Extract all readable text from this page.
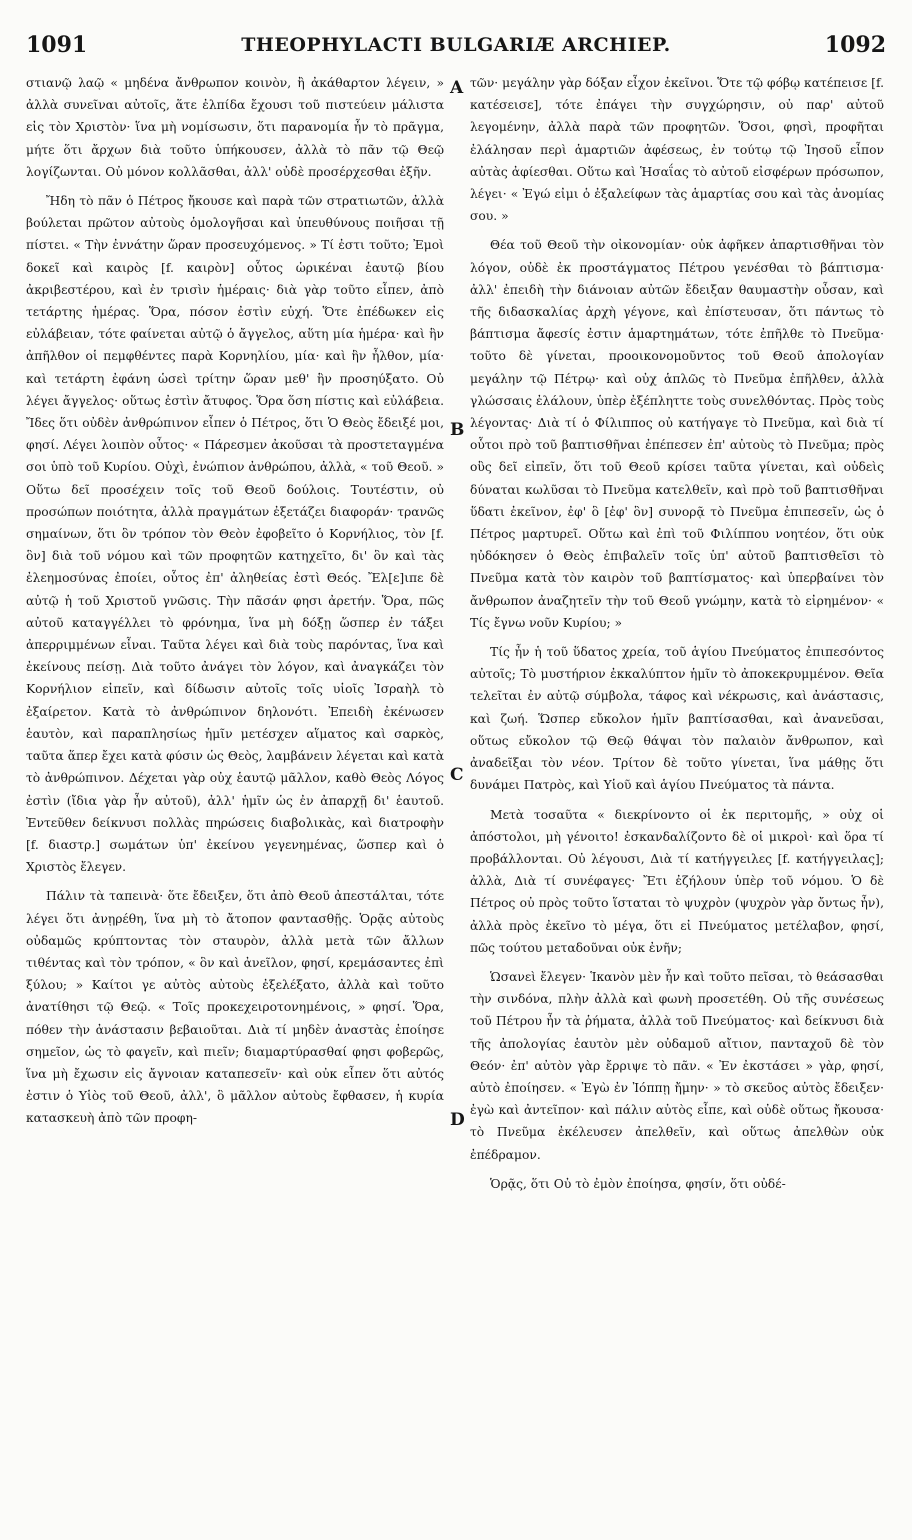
1091	THEOPHYLACTI BULGARIÆ ARCHIEP.	1092

στιανῷ λαῷ « μηδένα ἄνθρωπον κοινὸν, ἢ ἀκάθαρτον λέγειν, » ἀλλὰ συνεῖναι αὐτοῖς, ἅτε ἐλπίδα ἔχουσι τοῦ πιστεύειν μάλιστα εἰς τὸν Χριστὸν· ἵνα μὴ νομίσωσιν, ὅτι παρανομία ἦν τὸ πρᾶγμα, μήτε ὅτι ἄρχων διὰ τοῦτο ὑπήκουσεν, ἀλλὰ τὸ πᾶν τῷ Θεῷ λογίζωνται. Οὐ μόνον κολλᾶσθαι, ἀλλ' οὐδὲ προσέρχεσθαι ἐξῆν.

Ἤδη τὸ πᾶν ὁ Πέτρος ἤκουσε καὶ παρὰ τῶν στρατιωτῶν, ἀλλὰ βούλεται πρῶτον αὐτοὺς ὁμολογῆσαι καὶ ὑπευθύνους ποιῆσαι τῇ πίστει. « Τὴν ἐννάτην ὥραν προσευχόμενος. » Τί ἐστι τοῦτο; Ἐμοὶ δοκεῖ καὶ καιρὸς [f. καιρὸν] οὗτος ὡρικέναι ἑαυτῷ βίου ἀκριβεστέρου, καὶ ἐν τρισὶν ἡμέραις· διὰ γὰρ τοῦτο εἶπεν, ἀπὸ τετάρτης ἡμέρας. Ὅρα, πόσον ἐστὶν εὐχή. Ὅτε ἐπέδωκεν εἰς εὐλάβειαν, τότε φαίνεται αὐτῷ ὁ ἄγγελος, αὕτη μία ἡμέρα· καὶ ἣν ἀπῆλθον οἱ πεμφθέντες παρὰ Κορνηλίου, μία· καὶ ἣν ἦλθον, μία· καὶ τετάρτη ἐφάνη ὡσεὶ τρίτην ὥραν μεθ' ἣν προσηύξατο. Οὐ λέγει ἄγγελος· οὕτως ἐστὶν ἄτυφος. Ὅρα ὅση πίστις καὶ εὐλάβεια. Ἴδες ὅτι οὐδὲν ἀνθρώπινον εἶπεν ὁ Πέτρος, ὅτι Ὁ Θεὸς ἔδειξέ μοι, φησί. Λέγει λοιπὸν οὗτος· « Πάρεσμεν ἀκοῦσαι τὰ προστεταγμένα σοι ὑπὸ τοῦ Κυρίου. Οὐχὶ, ἐνώπιον ἀνθρώπου, ἀλλὰ, « τοῦ Θεοῦ. » Οὕτω δεῖ προσέχειν τοῖς τοῦ Θεοῦ δούλοις. Τουτέστιν, οὐ προσώπων ποιότητα, ἀλλὰ πραγμάτων ἐξετάζει διαφοράν· τρανῶς σημαίνων, ὅτι ὃν τρόπον τὸν Θεὸν ἐφοβεῖτο ὁ Κορνήλιος, τὸν [f. ὃν] διὰ τοῦ νόμου καὶ τῶν προφητῶν κατηχεῖτο, δι' ὃν καὶ τὰς ἐλεημοσύνας ἐποίει, οὗτος ἐπ' ἀληθείας ἐστὶ Θεός. Ἔλ[ε]ιπε δὲ αὐτῷ ἡ τοῦ Χριστοῦ γνῶσις. Τὴν πᾶσάν φησι ἀρετήν. Ὅρα, πῶς αὐτοῦ καταγγέλλει τὸ φρόνημα, ἵνα μὴ δόξῃ ὥσπερ ἐν τάξει ἀπερριμμένων εἶναι. Ταῦτα λέγει καὶ διὰ τοὺς παρόντας, ἵνα καὶ ἐκείνους πείσῃ. Διὰ τοῦτο ἀνάγει τὸν λόγον, καὶ ἀναγκάζει τὸν Κορνήλιον εἰπεῖν, καὶ δίδωσιν αὐτοῖς τοῖς υἱοῖς Ἰσραὴλ τὸ ἐξαίρετον. Κατὰ τὸ ἀνθρώπινον δηλονότι. Ἐπειδὴ ἐκένωσεν ἑαυτὸν, καὶ παραπλησίως ἡμῖν μετέσχεν αἵματος καὶ σαρκὸς, ταῦτα ἅπερ ἔχει κατὰ φύσιν ὡς Θεὸς, λαμβάνειν λέγεται καὶ κατὰ τὸ ἀνθρώπινον. Δέχεται γὰρ οὐχ ἑαυτῷ μᾶλλον, καθὸ Θεὸς Λόγος ἐστὶν (ἴδια γὰρ ἦν αὐτοῦ), ἀλλ' ἡμῖν ὡς ἐν ἀπαρχῇ δι' ἑαυτοῦ. Ἐντεῦθεν δείκνυσι πολλὰς πηρώσεις διαβολικὰς, καὶ διατροφὴν [f. διαστρ.] σωμάτων ὑπ' ἐκείνου γεγενημένας, ὥσπερ καὶ ὁ Χριστὸς ἔλεγεν.

Πάλιν τὰ ταπεινὰ· ὅτε ἔδειξεν, ὅτι ἀπὸ Θεοῦ ἀπεστάλται, τότε λέγει ὅτι ἀνῃρέθη, ἵνα μὴ τὸ ἄτοπον φαντασθῇς. Ὁρᾷς αὐτοὺς οὐδαμῶς κρύπτοντας τὸν σταυρὸν, ἀλλὰ μετὰ τῶν ἄλλων τιθέντας καὶ τὸν τρόπον, « ὃν καὶ ἀνεῖλον, φησί, κρεμάσαντες ἐπὶ ξύλου; » Καίτοι γε αὐτὸς αὐτοὺς ἐξελέξατο, ἀλλὰ καὶ τοῦτο ἀνατίθησι τῷ Θεῷ. « Τοῖς προκεχειροτονημένοις, » φησί. Ὅρα, πόθεν τὴν ἀνάστασιν βεβαιοῦται. Διὰ τί μηδὲν ἀναστὰς ἐποίησε σημεῖον, ὡς τὸ φαγεῖν, καὶ πιεῖν; διαμαρτύρασθαί φησι φοβερῶς, ἵνα μὴ ἔχωσιν εἰς ἄγνοιαν καταπεσεῖν· καὶ οὐκ εἶπεν ὅτι αὐτός ἐστιν ὁ Υἱὸς τοῦ Θεοῦ, ἀλλ', ὃ μᾶλλον αὐτοὺς ἔφθασεν, ἡ κυρία κατασκευὴ ἀπὸ τῶν προφη-

A
B
C
D

τῶν· μεγάλην γὰρ δόξαν εἶχον ἐκεῖνοι. Ὅτε τῷ φόβῳ κατέπεισε [f. κατέσεισε], τότε ἐπάγει τὴν συγχώρησιν, οὐ παρ' αὐτοῦ λεγομένην, ἀλλὰ παρὰ τῶν προφητῶν. Ὅσοι, φησὶ, προφῆται ἐλάλησαν περὶ ἁμαρτιῶν ἀφέσεως, ἐν τούτῳ τῷ Ἰησοῦ εἶπον αὐτὰς ἀφίεσθαι. Οὕτω καὶ Ἡσαΐας τὸ αὐτοῦ εἰσφέρων πρόσωπον, λέγει· « Ἐγώ εἰμι ὁ ἐξαλείφων τὰς ἁμαρτίας σου καὶ τὰς ἀνομίας σου. »

Θέα τοῦ Θεοῦ τὴν οἰκονομίαν· οὐκ ἀφῆκεν ἀπαρτισθῆναι τὸν λόγον, οὐδὲ ἐκ προστάγματος Πέτρου γενέσθαι τὸ βάπτισμα· ἀλλ' ἐπειδὴ τὴν διάνοιαν αὐτῶν ἔδειξαν θαυμαστὴν οὖσαν, καὶ τῆς διδασκαλίας ἀρχὴ γέγονε, καὶ ἐπίστευσαν, ὅτι πάντως τὸ βάπτισμα ἄφεσίς ἐστιν ἁμαρτημάτων, τότε ἐπῆλθε τὸ Πνεῦμα· τοῦτο δὲ γίνεται, προοικονομοῦντος τοῦ Θεοῦ ἀπολογίαν μεγάλην τῷ Πέτρῳ· καὶ οὐχ ἁπλῶς τὸ Πνεῦμα ἐπῆλθεν, ἀλλὰ γλώσσαις ἐλάλουν, ὑπὲρ ἐξέπληττε τοὺς συνελθόντας. Πρὸς τοὺς λέγοντας· Διὰ τί ὁ Φίλιππος οὐ κατήγαγε τὸ Πνεῦμα, καὶ διὰ τί οὗτοι πρὸ τοῦ βαπτισθῆναι ἐπέπεσεν ἐπ' αὐτοὺς τὸ Πνεῦμα; πρὸς οὓς δεῖ εἰπεῖν, ὅτι τοῦ Θεοῦ κρίσει ταῦτα γίνεται, καὶ οὐδεὶς δύναται κωλῦσαι τὸ Πνεῦμα κατελθεῖν, καὶ πρὸ τοῦ βαπτισθῆναι ὕδατι ἐκεῖνον, ἐφ' ὃ [ἐφ' ὃν] συνορᾷ τὸ Πνεῦμα ἐπιπεσεῖν, ὡς ὁ Πέτρος μαρτυρεῖ. Οὕτω καὶ ἐπὶ τοῦ Φιλίππου νοητέον, ὅτι οὐκ ηὐδόκησεν ὁ Θεὸς ἐπιβαλεῖν τοῖς ὑπ' αὐτοῦ βαπτισθεῖσι τὸ Πνεῦμα κατὰ τὸν καιρὸν τοῦ βαπτίσματος· καὶ ὑπερβαίνει τὸν ἄνθρωπον ἀναζητεῖν τὴν τοῦ Θεοῦ γνώμην, κατὰ τὸ εἰρημένον· « Τίς ἔγνω νοῦν Κυρίου; »

Τίς ἦν ἡ τοῦ ὕδατος χρεία, τοῦ ἁγίου Πνεύματος ἐπιπεσόντος αὐτοῖς; Τὸ μυστήριον ἐκκαλύπτον ἡμῖν τὸ ἀποκεκρυμμένον. Θεῖα τελεῖται ἐν αὐτῷ σύμβολα, τάφος καὶ νέκρωσις, καὶ ἀνάστασις, καὶ ζωή. Ὥσπερ εὔκολον ἡμῖν βαπτίσασθαι, καὶ ἀνανεῦσαι, οὕτως εὔκολον τῷ Θεῷ θάψαι τὸν παλαιὸν ἄνθρωπον, καὶ ἀναδεῖξαι τὸν νέον. Τρίτον δὲ τοῦτο γίνεται, ἵνα μάθῃς ὅτι δυνάμει Πατρὸς, καὶ Υἱοῦ καὶ ἁγίου Πνεύματος τὰ πάντα.

Μετὰ τοσαῦτα « διεκρίνοντο οἱ ἐκ περιτομῆς, » οὐχ οἱ ἀπόστολοι, μὴ γένοιτο! ἐσκανδαλίζοντο δὲ οἱ μικροὶ· καὶ ὅρα τί προβάλλονται. Οὐ λέγουσι, Διὰ τί κατήγγειλες [f. κατήγγειλας]; ἀλλὰ, Διὰ τί συνέφαγες· Ἔτι ἐζήλουν ὑπὲρ τοῦ νόμου. Ὁ δὲ Πέτρος οὐ πρὸς τοῦτο ἵσταται τὸ ψυχρὸν (ψυχρὸν γὰρ ὄντως ἦν), ἀλλὰ πρὸς ἐκεῖνο τὸ μέγα, ὅτι εἰ Πνεύματος μετέλαβον, φησί, πῶς τούτου μεταδοῦναι οὐκ ἐνῆν;

Ὡσανεὶ ἔλεγεν· Ἱκανὸν μὲν ἦν καὶ τοῦτο πεῖσαι, τὸ θεάσασθαι τὴν σινδόνα, πλὴν ἀλλὰ καὶ φωνὴ προσετέθη. Οὐ τῆς συνέσεως τοῦ Πέτρου ἦν τὰ ῥήματα, ἀλλὰ τοῦ Πνεύματος· καὶ δείκνυσι διὰ τῆς ἀπολογίας ἑαυτὸν μὲν οὐδαμοῦ αἴτιον, πανταχοῦ δὲ τὸν Θεόν· ἐπ' αὐτὸν γὰρ ἔρριψε τὸ πᾶν. « Ἐν ἐκστάσει » γὰρ, φησί, αὐτὸ ἐποίησεν. « Ἐγὼ ἐν Ἰόππῃ ἤμην· » τὸ σκεῦος αὐτὸς ἔδειξεν· ἐγὼ καὶ ἀντεῖπον· καὶ πάλιν αὐτὸς εἶπε, καὶ οὐδὲ οὕτως ἤκουσα· τὸ Πνεῦμα ἐκέλευσεν ἀπελθεῖν, καὶ οὕτως ἀπελθὼν οὐκ ἐπέδραμον.

Ὁρᾷς, ὅτι Οὐ τὸ ἐμὸν ἐποίησα, φησίν, ὅτι οὐδέ-
